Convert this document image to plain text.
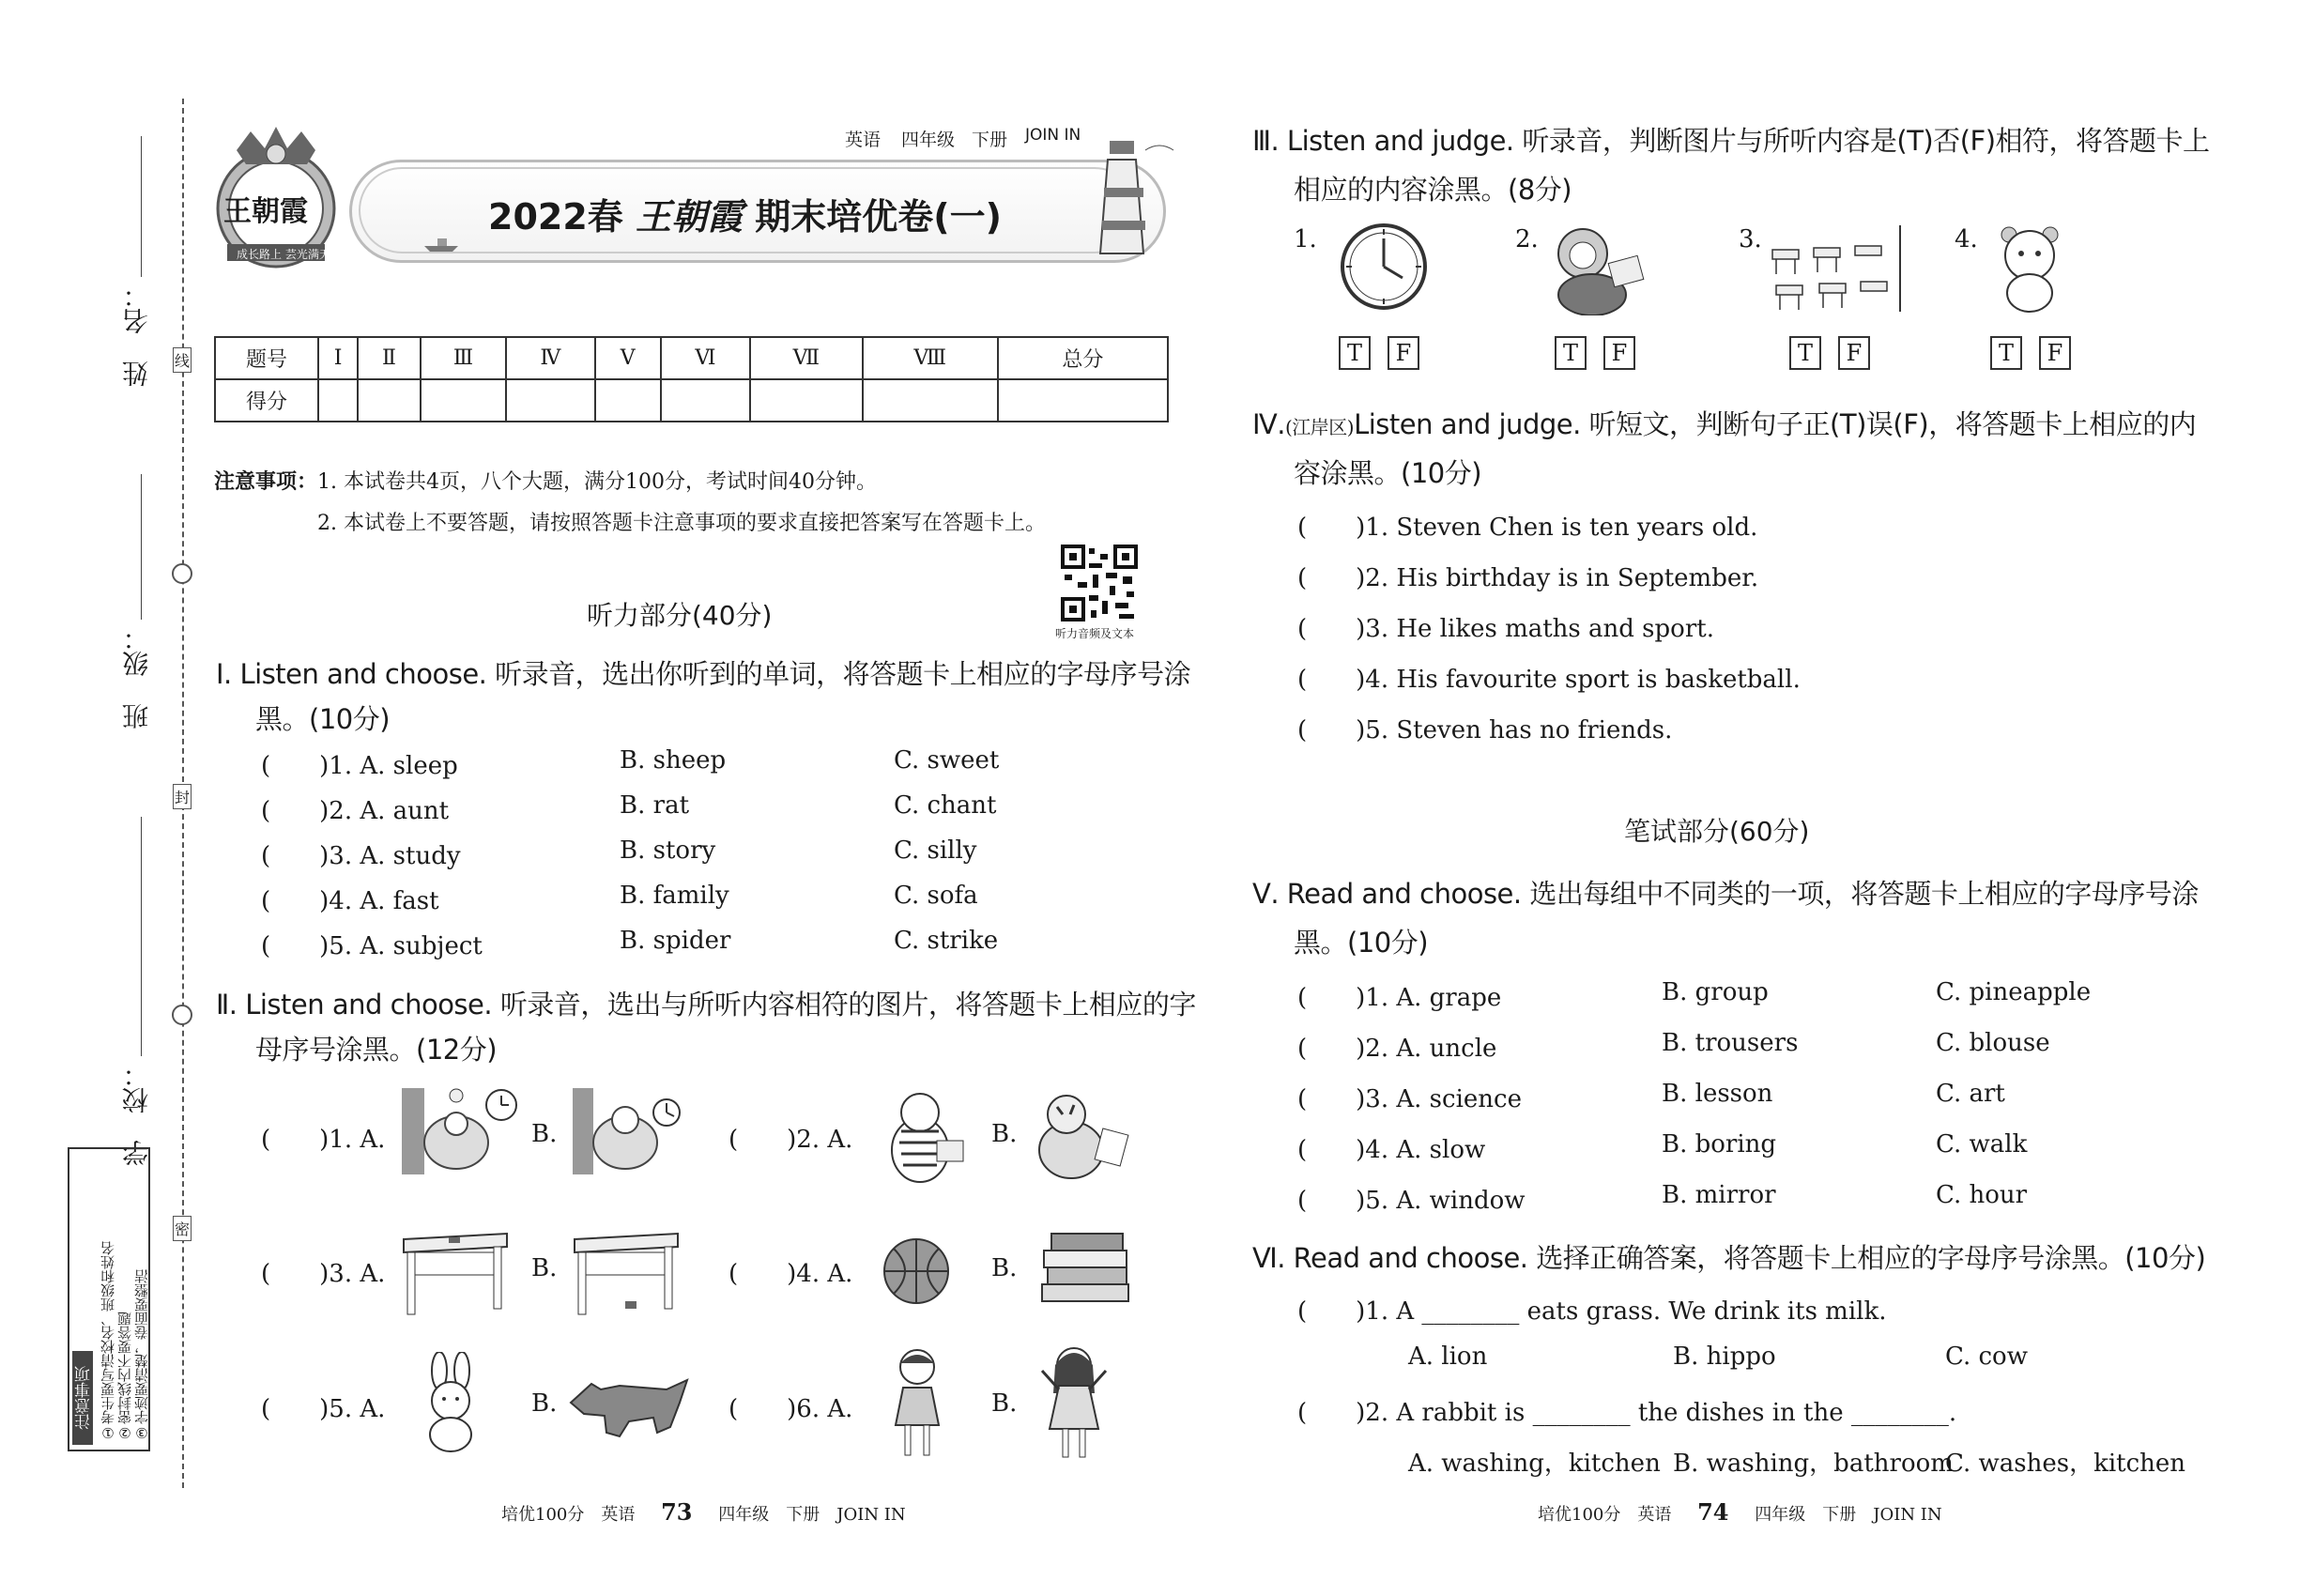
姓　名：
班　级：
学　校：
线
封
密
注意事项 ①考生要写清校名、班级和姓名 ②密封线内不要答题 ③字迹要清楚，卷面要整洁
王朝霞
成长路上 芸光满天
英语 四年级 下册 JOIN IN
2022春 王朝霞 期末培优卷(一)
题号	Ⅰ	Ⅱ	Ⅲ	Ⅳ	Ⅴ	Ⅵ	Ⅶ	Ⅷ	总分
得分									
注意事项：1. 本试卷共4页，八个大题，满分100分，考试时间40分钟。
2. 本试卷上不要答题，请按照答题卡注意事项的要求直接把答案写在答题卡上。
听力音频及文本
听力部分(40分)
Ⅰ. Listen and choose. 听录音，选出你听到的单词，将答题卡上相应的字母序号涂
黑。(10分)
(　　)1. A. sleep	B. sheep	C. sweet
(　　)2. A. aunt	B. rat	C. chant
(　　)3. A. study	B. story	C. silly
(　　)4. A. fast	B. family	C. sofa
(　　)5. A. subject	B. spider	C. strike
Ⅱ. Listen and choose. 听录音，选出与所听内容相符的图片，将答题卡上相应的字
母序号涂黑。(12分)
(　　)1. A.	B.	(　　)2. A.	B.
(　　)3. A.	B.	(　　)4. A.	B.
(　　)5. A.	B.	(　　)6. A.	B.
培优100分　英语 73 四年级　下册　JOIN IN
Ⅲ. Listen and judge. 听录音，判断图片与所听内容是(T)否(F)相符，将答题卡上
相应的内容涂黑。(8分)
1.
T	F
2.
T	F
3.
T	F
4.
T	F
Ⅳ.(江岸区)Listen and judge. 听短文，判断句子正(T)误(F)，将答题卡上相应的内
容涂黑。(10分)
(　　)1. Steven Chen is ten years old.
(　　)2. His birthday is in September.
(　　)3. He likes maths and sport.
(　　)4. His favourite sport is basketball.
(　　)5. Steven has no friends.
笔试部分(60分)
Ⅴ. Read and choose. 选出每组中不同类的一项，将答题卡上相应的字母序号涂
黑。(10分)
(　　)1. A. grape	B. group	C. pineapple
(　　)2. A. uncle	B. trousers	C. blouse
(　　)3. A. science	B. lesson	C. art
(　　)4. A. slow	B. boring	C. walk
(　　)5. A. window	B. mirror	C. hour
Ⅵ. Read and choose. 选择正确答案，将答题卡上相应的字母序号涂黑。(10分)
(　　)1. A ________ eats grass. We drink its milk.
A. lion	B. hippo	C. cow
(　　)2. A rabbit is ________ the dishes in the ________.
A. washing，kitchen B. washing，bathroom
C. washes，kitchen
培优100分　英语 74 四年级　下册　JOIN IN
